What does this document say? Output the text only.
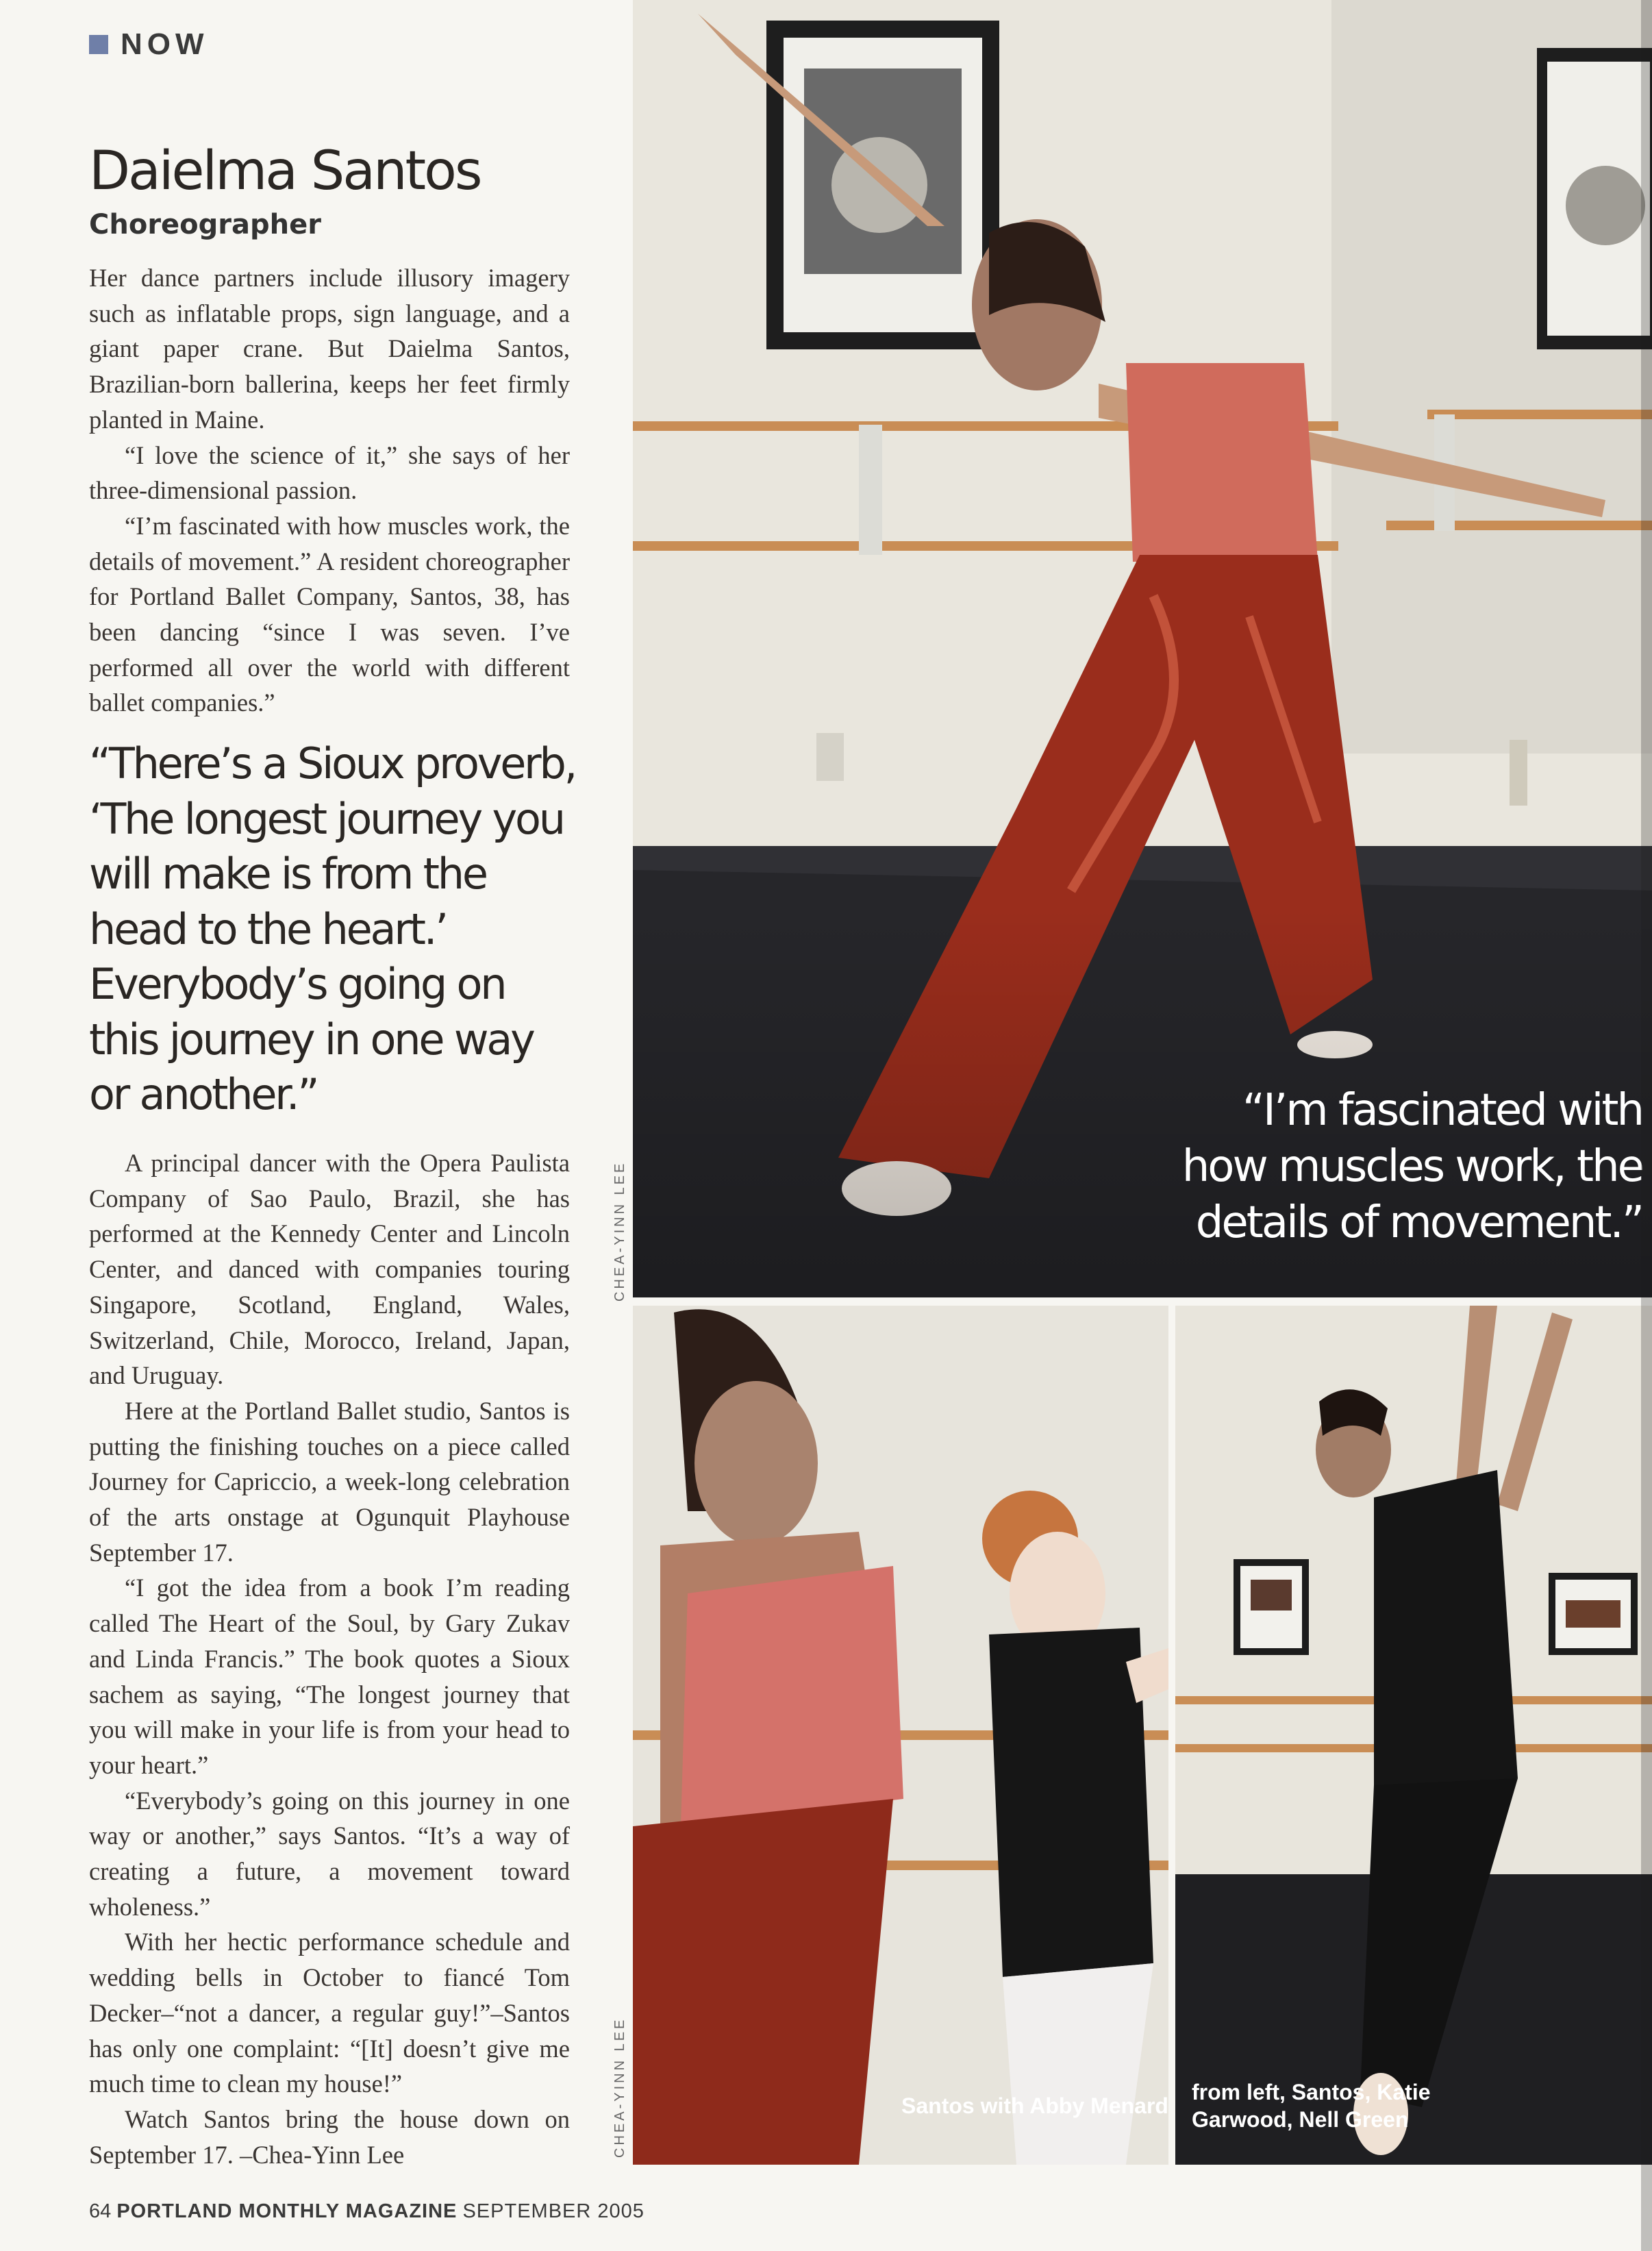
NOW
Daielma Santos
Choreographer

Her dance partners include illusory imagery such as inflatable props, sign language, and a giant paper crane. But Daielma Santos, Brazilian-born ballerina, keeps her feet firmly planted in Maine.

“I love the science of it,” she says of her three-dimensional passion.

“I’m fascinated with how muscles work, the details of movement.” A resident choreographer for Portland Ballet Company, Santos, 38, has been dancing “since I was seven. I’ve performed all over the world with different ballet companies.”

“There’s a Sioux proverb, ‘The longest journey you will make is from the head to the heart.’ Everybody’s going on this journey in one way or another.”

A principal dancer with the Opera Paulista Company of Sao Paulo, Brazil, she has performed at the Kennedy Center and Lincoln Center, and danced with companies touring Singapore, Scotland, England, Wales, Switzerland, Chile, Morocco, Ireland, Japan, and Uruguay.

Here at the Portland Ballet studio, Santos is putting the finishing touches on a piece called Journey for Capriccio, a week-long celebration of the arts onstage at Ogunquit Playhouse September 17.

“I got the idea from a book I’m reading called The Heart of the Soul, by Gary Zukav and Linda Francis.” The book quotes a Sioux sachem as saying, “The longest journey that you will make in your life is from your head to your heart.”

“Everybody’s going on this journey in one way or another,” says Santos. “It’s a way of creating a future, a movement toward wholeness.”

With her hectic performance schedule and wedding bells in October to fiancé Tom Decker–“not a dancer, a regular guy!”–Santos has only one complaint: “[It] doesn’t give me much time to clean my house!”

Watch Santos bring the house down on September 17. –Chea-Yinn Lee

CHEA-YINN LEE
CHEA-YINN LEE

“I’m fascinated with
how muscles work, the
details of movement.”

Santos with Abby Menard
from left, Santos, Katie
Garwood, Nell Green
64 PORTLAND MONTHLY MAGAZINE SEPTEMBER 2005
